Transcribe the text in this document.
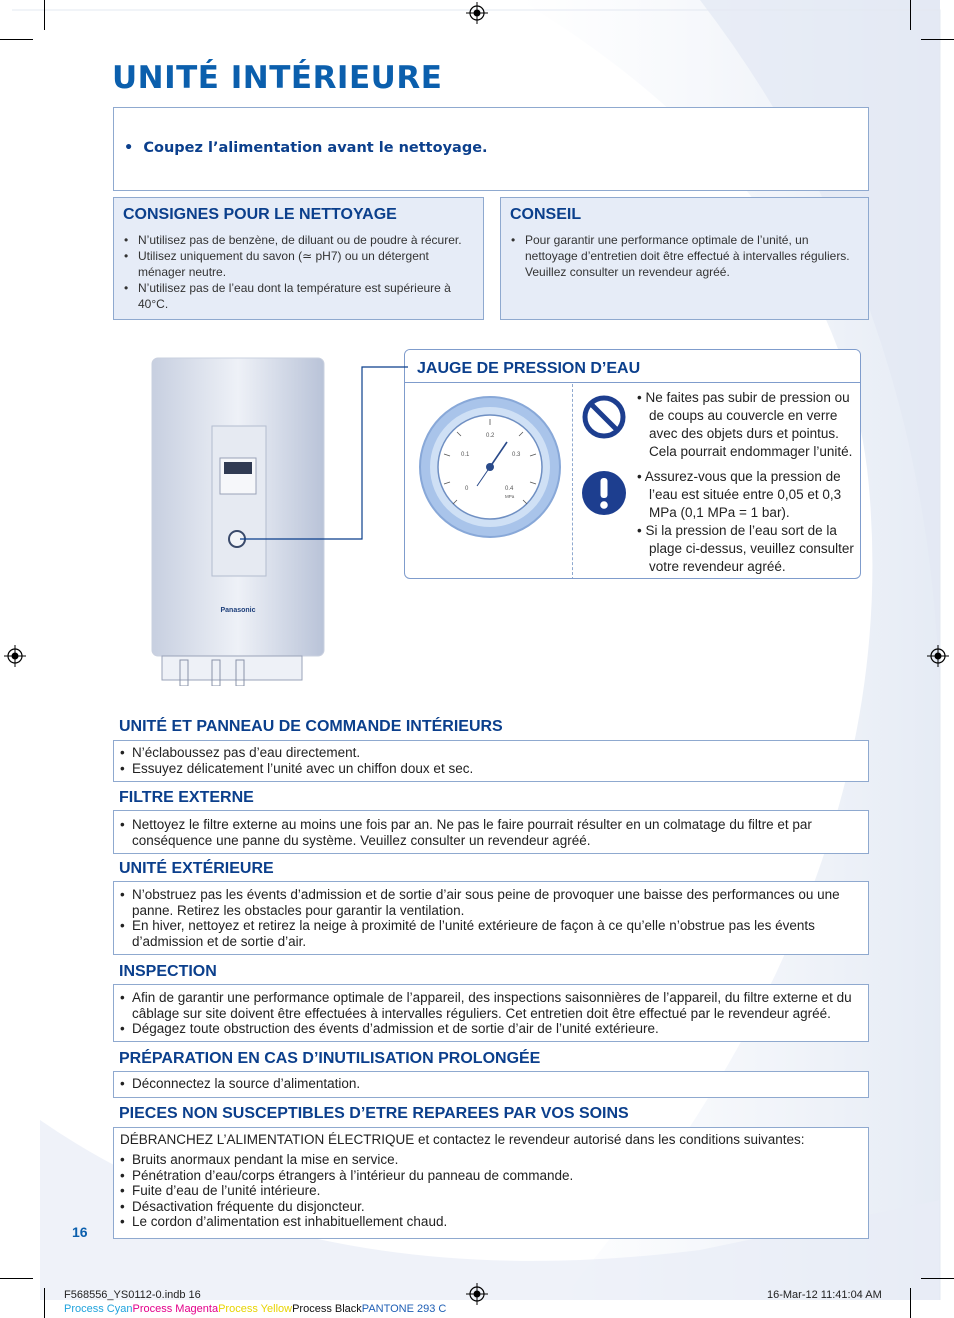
UNITÉ INTÉRIEURE
•  Coupez l’alimentation avant le nettoyage.
CONSIGNES POUR LE NETTOYAGE
• N’utilisez pas de benzène, de diluant ou de poudre à récurer.
• Utilisez uniquement du savon (≃ pH7) ou un détergent ménager neutre.
• N’utilisez pas de l’eau dont la température est supérieure à 40°C.
CONSEIL
• Pour garantir une performance optimale de l’unité, un nettoyage d’entretien doit être effectué à intervalles réguliers. Veuillez consulter un revendeur agréé.
Panasonic
JAUGE DE PRESSION D’EAU
0
0.1
0.2
0.3
0.4
MPa

• Ne faites pas subir de pression ou de coups au couvercle en verre avec des objets durs et pointus. Cela pourrait endommager l’unité.

• Assurez-vous que la pression de l’eau est située entre 0,05 et 0,3 MPa (0,1 MPa = 1 bar).

• Si la pression de l’eau sort de la plage ci-dessus, veuillez consulter votre revendeur agréé.

UNITÉ ET PANNEAU DE COMMANDE INTÉRIEURS
• N’éclaboussez pas d’eau directement.
• Essuyez délicatement l’unité avec un chiffon doux et sec.
FILTRE EXTERNE
• Nettoyez le filtre externe au moins une fois par an. Ne pas le faire pourrait résulter en un colmatage du filtre et par conséquence une panne du système. Veuillez consulter un revendeur agréé.
UNITÉ EXTÉRIEURE
• N’obstruez pas les évents d’admission et de sortie d’air sous peine de provoquer une baisse des performances ou une panne. Retirez les obstacles pour garantir la ventilation.
• En hiver, nettoyez et retirez la neige à proximité de l’unité extérieure de façon à ce qu’elle n’obstrue pas les évents d’admission et de sortie d’air.
INSPECTION
• Afin de garantir une performance optimale de l’appareil, des inspections saisonnières de l’appareil, du filtre externe et du câblage sur site doivent être effectuées à intervalles réguliers. Cet entretien doit être effectué par le revendeur agréé.
• Dégagez toute obstruction des évents d’admission et de sortie d’air de l’unité extérieure.
PRÉPARATION EN CAS D’INUTILISATION PROLONGÉE
• Déconnectez la source d’alimentation.
PIECES NON SUSCEPTIBLES D’ETRE REPAREES PAR VOS SOINS
DÉBRANCHEZ L’ALIMENTATION ÉLECTRIQUE et contactez le revendeur autorisé dans les conditions suivantes:
• Bruits anormaux pendant la mise en service.
• Pénétration d’eau/corps étrangers à l’intérieur du panneau de commande.
• Fuite d’eau de l’unité intérieure.
• Désactivation fréquente du disjoncteur.
• Le cordon d’alimentation est inhabituellement chaud.
16
F568556_YS0112-0.indb 16	16-Mar-12 11:41:04 AM
Process CyanProcess MagentaProcess YellowProcess BlackPANTONE 293 C
